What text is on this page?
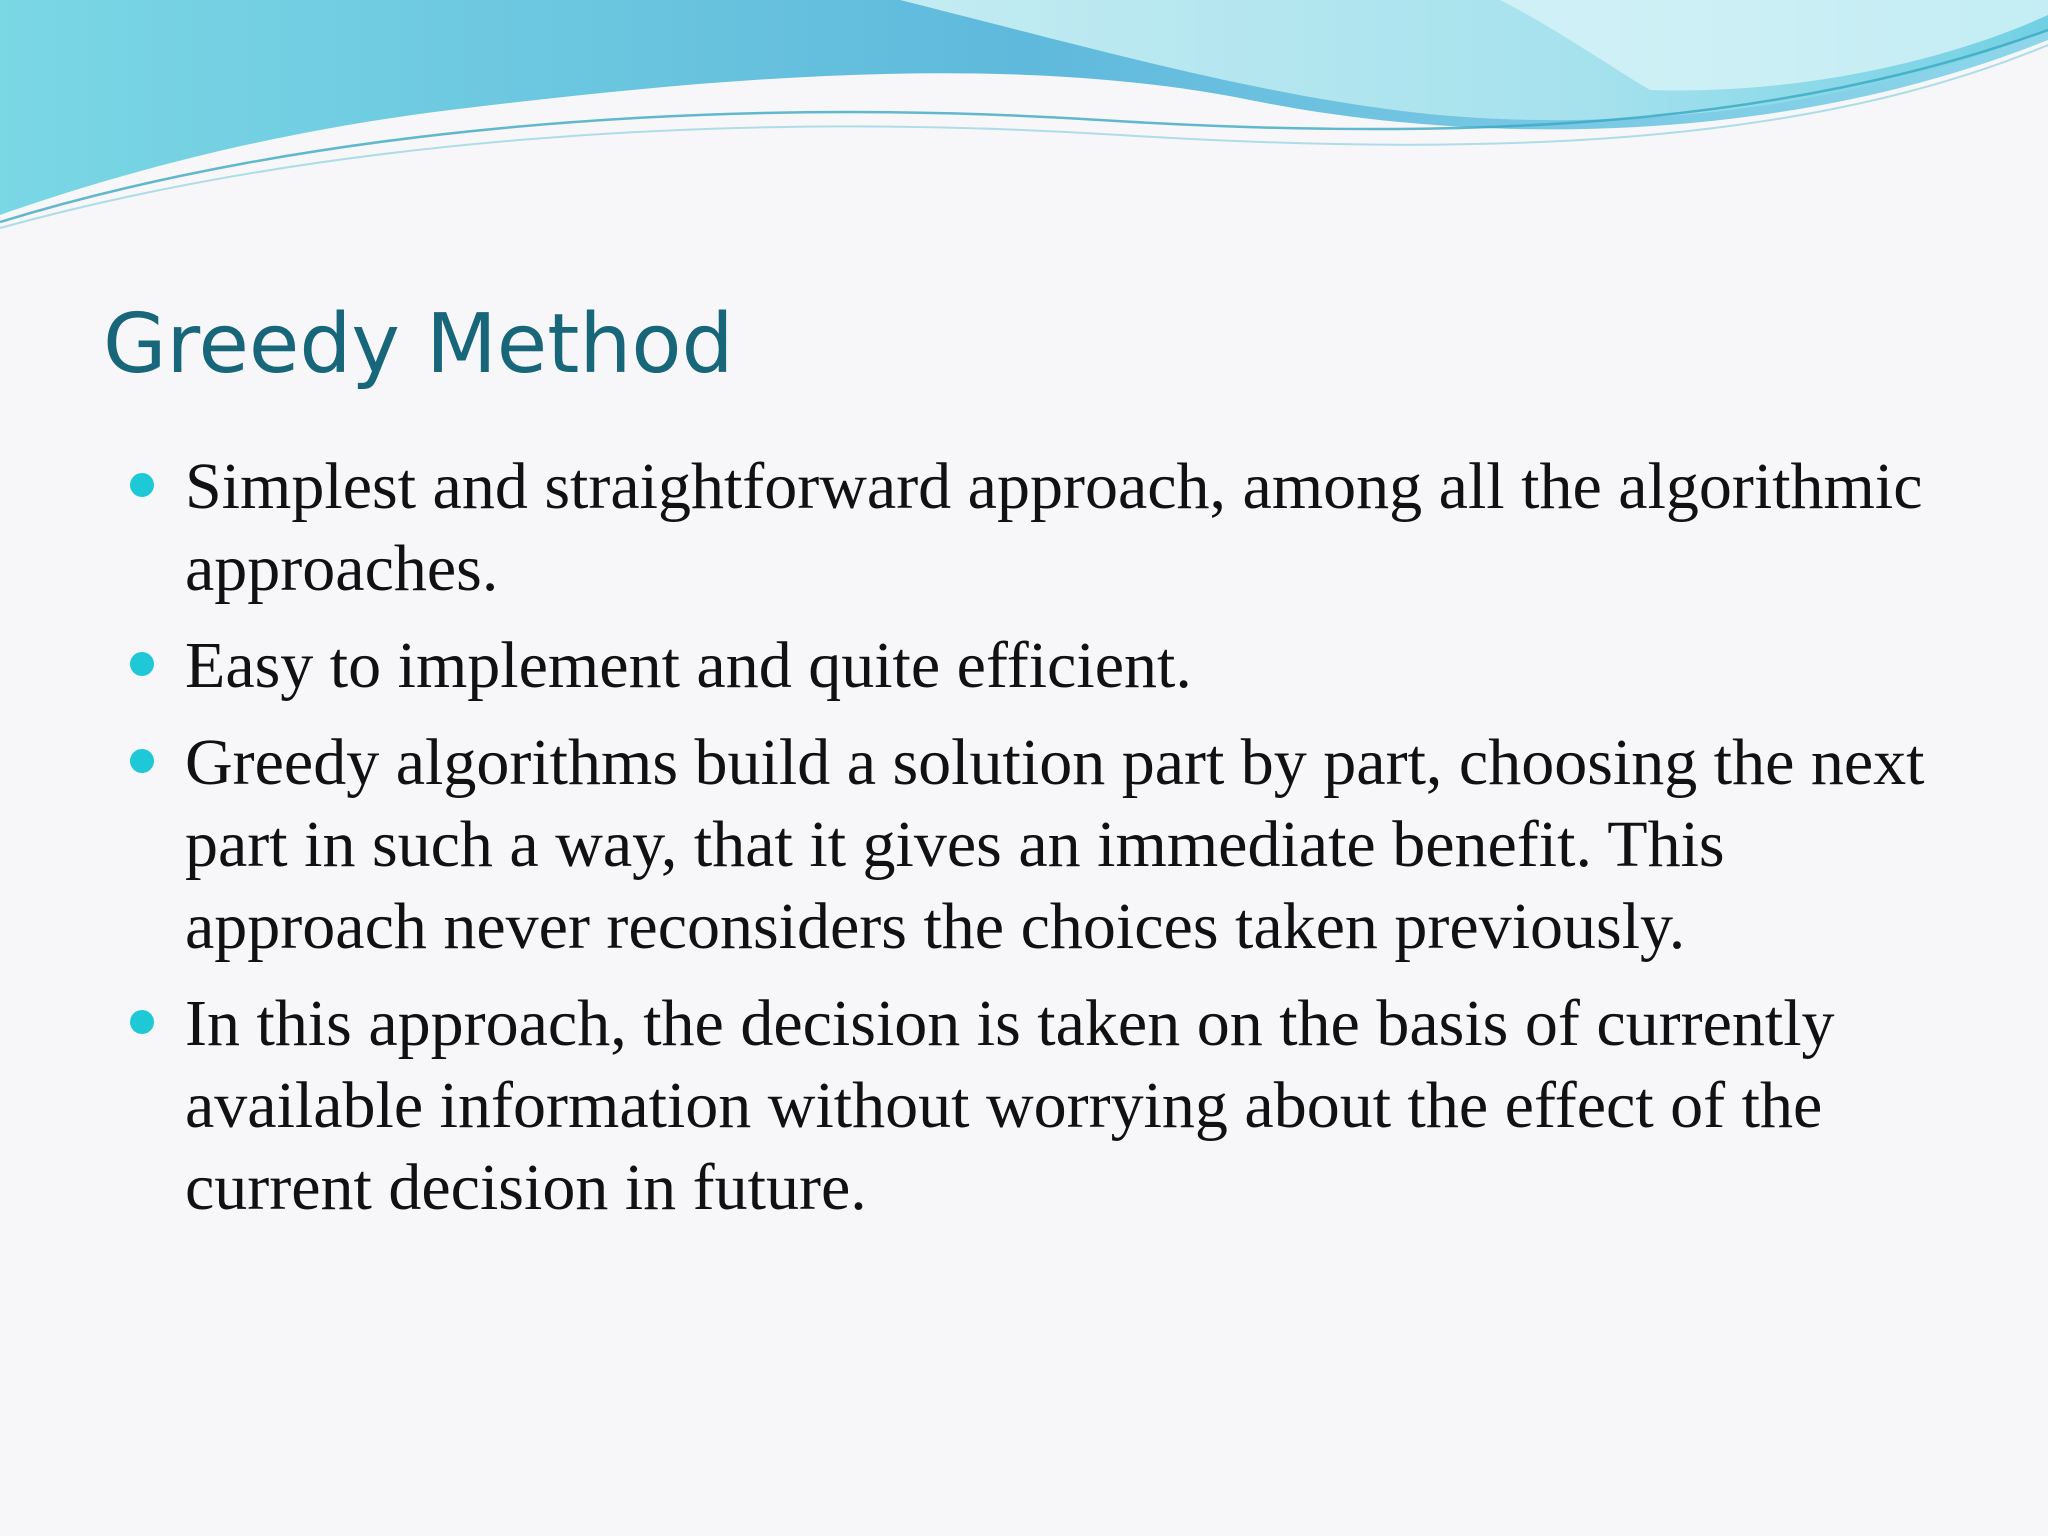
Greedy Method
Simplest and straightforward approach, among all the algorithmic approaches.
Easy to implement and quite efficient.
Greedy algorithms build a solution part by part, choosing the next part in such a way, that it gives an immediate benefit. This approach never reconsiders the choices taken previously.
In this approach, the decision is taken on the basis of currently available information without worrying about the effect of the current decision in future.
